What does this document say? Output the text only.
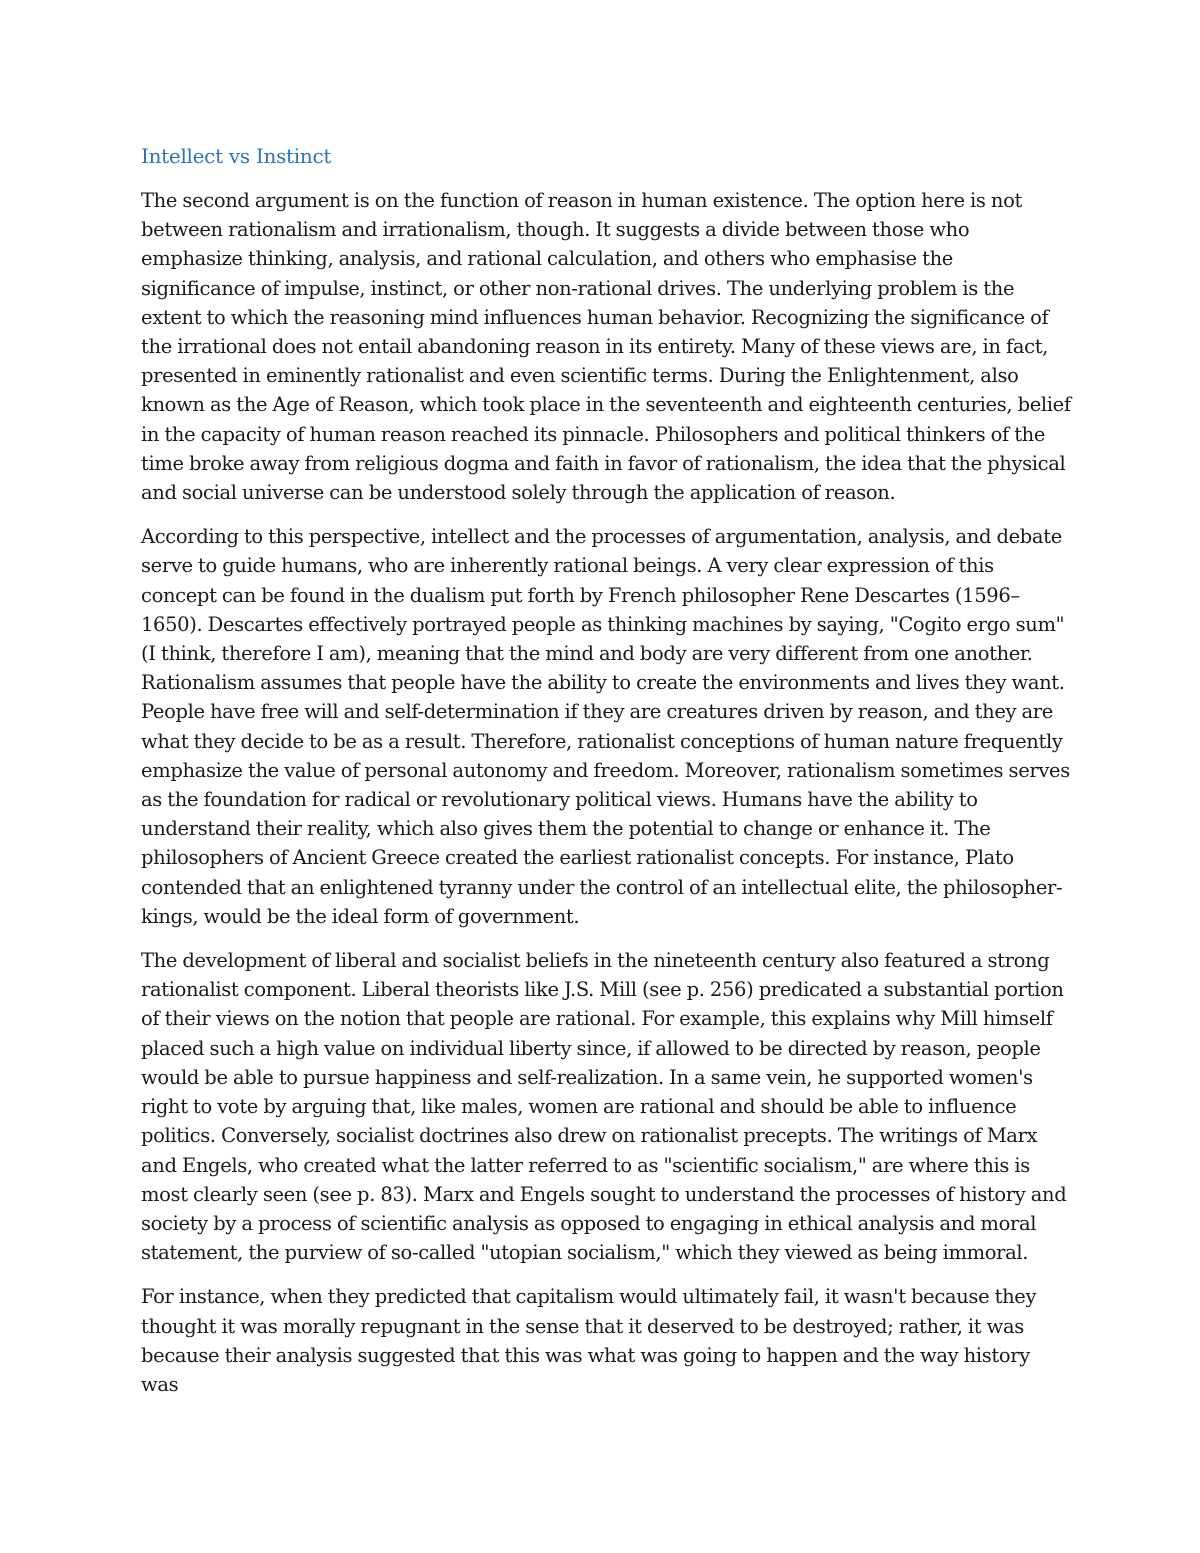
Intellect vs Instinct

The second argument is on the function of reason in human existence. The option here is not between rationalism and irrationalism, though. It suggests a divide between those who emphasize thinking, analysis, and rational calculation, and others who emphasise the significance of impulse, instinct, or other non-rational drives. The underlying problem is the extent to which the reasoning mind influences human behavior. Recognizing the significance of the irrational does not entail abandoning reason in its entirety. Many of these views are, in fact, presented in eminently rationalist and even scientific terms. During the Enlightenment, also known as the Age of Reason, which took place in the seventeenth and eighteenth centuries, belief in the capacity of human reason reached its pinnacle. Philosophers and political thinkers of the time broke away from religious dogma and faith in favor of rationalism, the idea that the physical and social universe can be understood solely through the application of reason.

According to this perspective, intellect and the processes of argumentation, analysis, and debate serve to guide humans, who are inherently rational beings. A very clear expression of this concept can be found in the dualism put forth by French philosopher Rene Descartes (1596–1650). Descartes effectively portrayed people as thinking machines by saying, "Cogito ergo sum" (I think, therefore I am), meaning that the mind and body are very different from one another. Rationalism assumes that people have the ability to create the environments and lives they want. People have free will and self-determination if they are creatures driven by reason, and they are what they decide to be as a result. Therefore, rationalist conceptions of human nature frequently emphasize the value of personal autonomy and freedom. Moreover, rationalism sometimes serves as the foundation for radical or revolutionary political views. Humans have the ability to understand their reality, which also gives them the potential to change or enhance it. The philosophers of Ancient Greece created the earliest rationalist concepts. For instance, Plato contended that an enlightened tyranny under the control of an intellectual elite, the philosopher-kings, would be the ideal form of government.

The development of liberal and socialist beliefs in the nineteenth century also featured a strong rationalist component. Liberal theorists like J.S. Mill (see p. 256) predicated a substantial portion of their views on the notion that people are rational. For example, this explains why Mill himself placed such a high value on individual liberty since, if allowed to be directed by reason, people would be able to pursue happiness and self-realization. In a same vein, he supported women's right to vote by arguing that, like males, women are rational and should be able to influence politics. Conversely, socialist doctrines also drew on rationalist precepts. The writings of Marx and Engels, who created what the latter referred to as "scientific socialism," are where this is most clearly seen (see p. 83). Marx and Engels sought to understand the processes of history and society by a process of scientific analysis as opposed to engaging in ethical analysis and moral statement, the purview of so-called "utopian socialism," which they viewed as being immoral.

For instance, when they predicted that capitalism would ultimately fail, it wasn't because they thought it was morally repugnant in the sense that it deserved to be destroyed; rather, it was because their analysis suggested that this was what was going to happen and the way history was
